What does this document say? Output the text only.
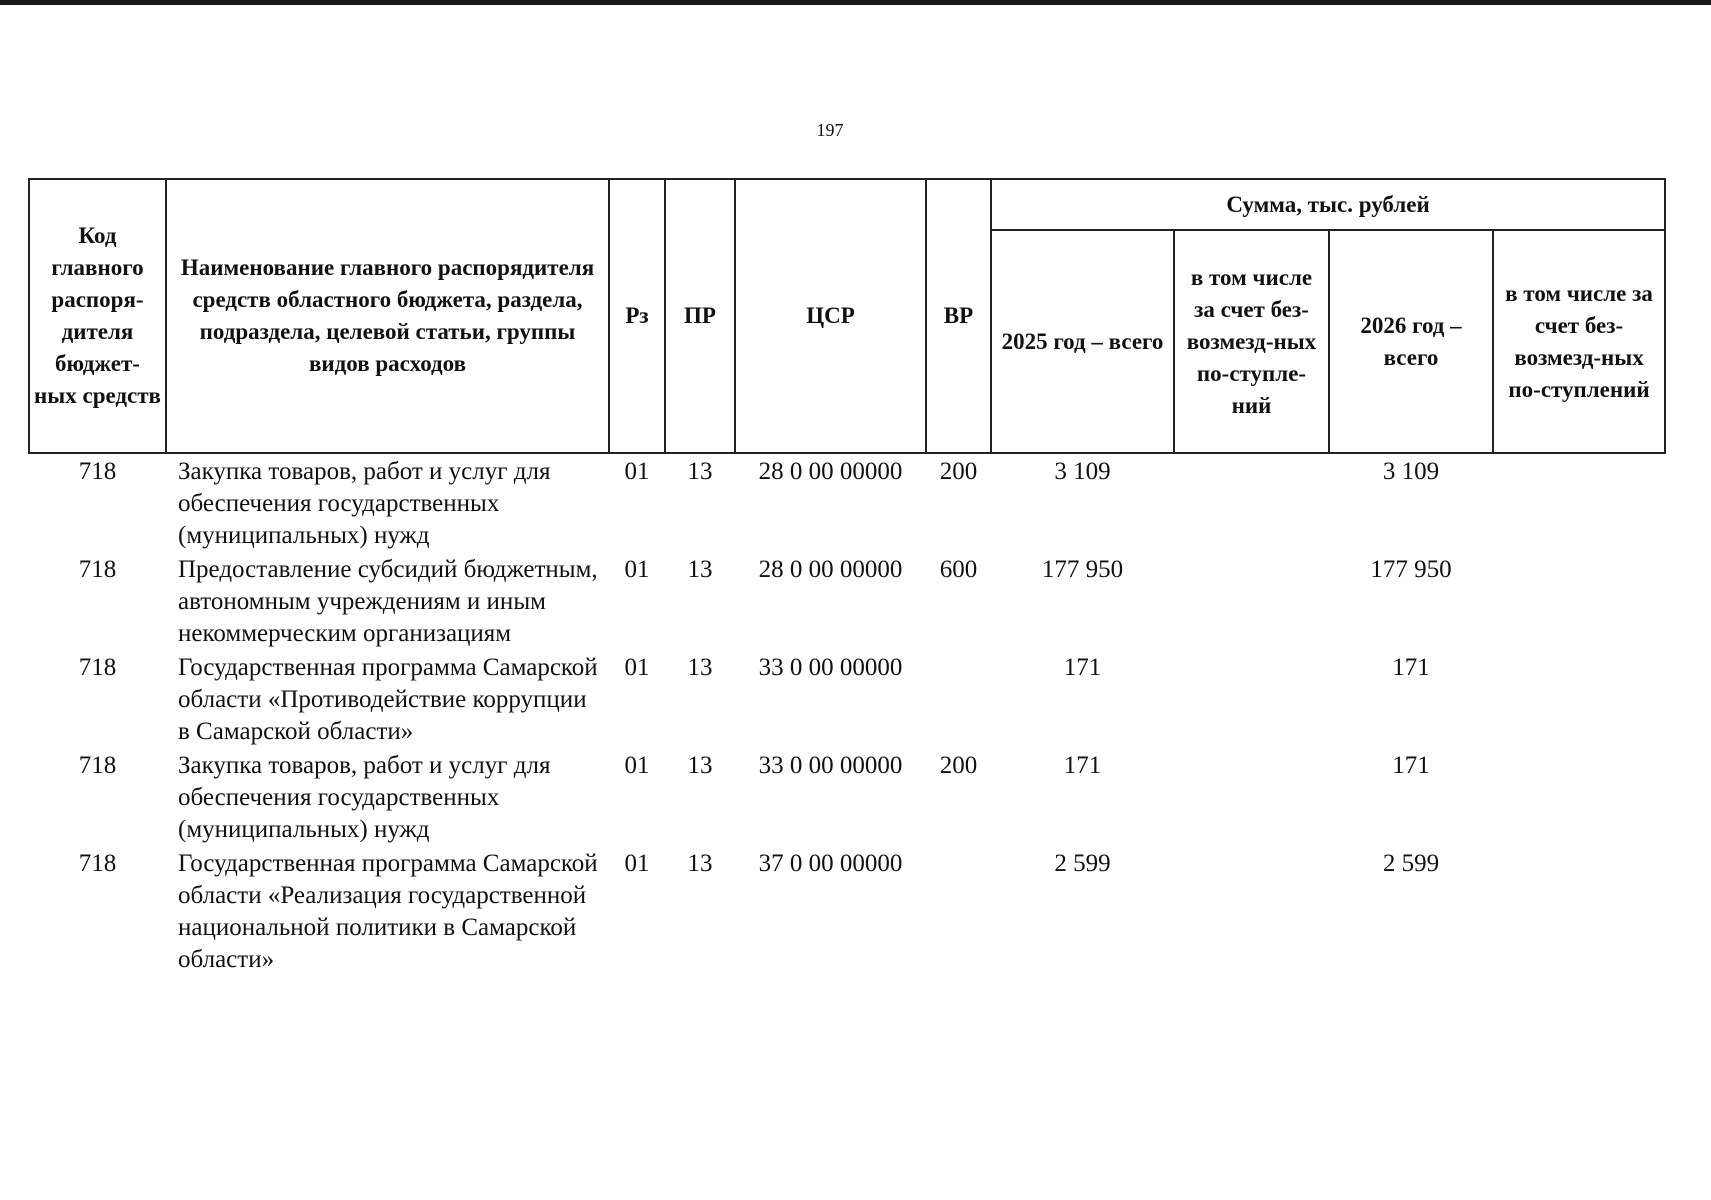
197
Код главного распоря-дителя бюджет-ных средств	Наименование главного распорядителя средств областного бюджета, раздела, подраздела, целевой статьи, группы видов расходов	Рз	ПР	ЦСР	ВР	Сумма, тыс. рублей			
						2025 год – всего	в том числе за счет без-возмезд-ных по-ступле-ний	2026 год – всего	в том числе за счет без-возмезд-ных по-ступлений
718	Закупка товаров, работ и услуг для обеспечения государственных (муниципальных) нужд	01	13	28 0 00 00000	200	3 109		3 109	
718	Предоставление субсидий бюджетным, автономным учреждениям и иным некоммерческим организациям	01	13	28 0 00 00000	600	177 950		177 950	
718	Государственная программа Самарской области «Противодействие коррупции в Самарской области»	01	13	33 0 00 00000		171		171	
718	Закупка товаров, работ и услуг для обеспечения государственных (муниципальных) нужд	01	13	33 0 00 00000	200	171		171	
718	Государственная программа Самарской области «Реализация государственной национальной политики в Самарской области»	01	13	37 0 00 00000		2 599		2 599	
